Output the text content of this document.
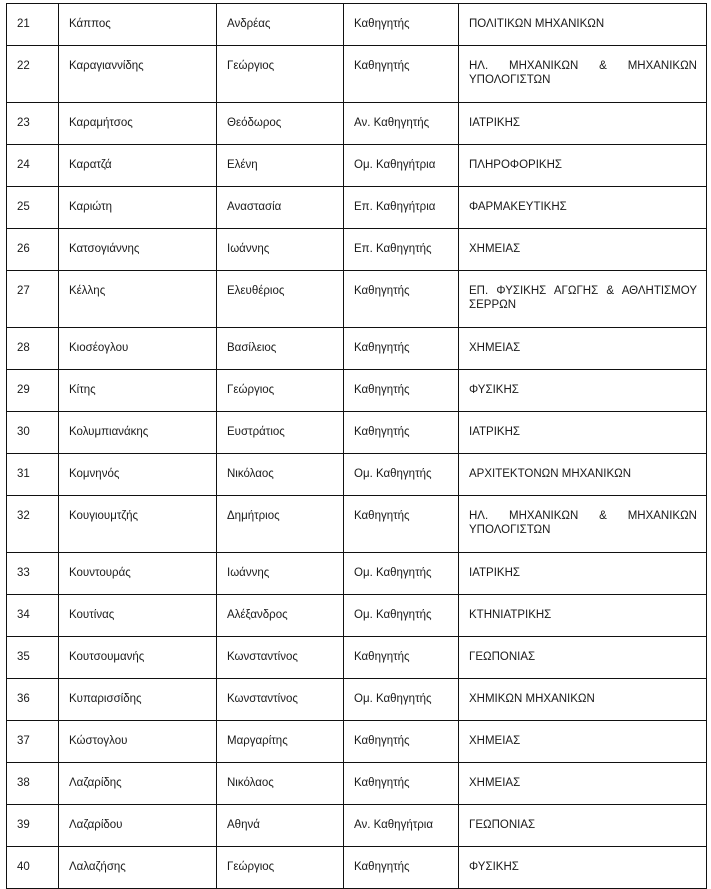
21	Κάππος	Ανδρέας	Καθηγητής	ΠΟΛΙΤΙΚΩΝ ΜΗΧΑΝΙΚΩΝ
22	Καραγιαννίδης	Γεώργιος	Καθηγητής	ΗΛ. ΜΗΧΑΝΙΚΩΝ & ΜΗΧΑΝΙΚΩΝ ΥΠΟΛΟΓΙΣΤΩΝ
23	Καραμήτσος	Θεόδωρος	Αν. Καθηγητής	ΙΑΤΡΙΚΗΣ
24	Καρατζά	Ελένη	Ομ. Καθηγήτρια	ΠΛΗΡΟΦΟΡΙΚΗΣ
25	Καριώτη	Αναστασία	Επ. Καθηγήτρια	ΦΑΡΜΑΚΕΥΤΙΚΗΣ
26	Κατσογιάννης	Ιωάννης	Επ. Καθηγητής	ΧΗΜΕΙΑΣ
27	Κέλλης	Ελευθέριος	Καθηγητής	ΕΠ. ΦΥΣΙΚΗΣ ΑΓΩΓΗΣ & ΑΘΛΗΤΙΣΜΟΥ ΣΕΡΡΩΝ
28	Κιοσέογλου	Βασίλειος	Καθηγητής	ΧΗΜΕΙΑΣ
29	Κίτης	Γεώργιος	Καθηγητής	ΦΥΣΙΚΗΣ
30	Κολυμπιανάκης	Ευστράτιος	Καθηγητής	ΙΑΤΡΙΚΗΣ
31	Κομνηνός	Νικόλαος	Ομ. Καθηγητής	ΑΡΧΙΤΕΚΤΟΝΩΝ ΜΗΧΑΝΙΚΩΝ
32	Κουγιουμτζής	Δημήτριος	Καθηγητής	ΗΛ. ΜΗΧΑΝΙΚΩΝ & ΜΗΧΑΝΙΚΩΝ ΥΠΟΛΟΓΙΣΤΩΝ
33	Κουντουράς	Ιωάννης	Ομ. Καθηγητής	ΙΑΤΡΙΚΗΣ
34	Κουτίνας	Αλέξανδρος	Ομ. Καθηγητής	ΚΤΗΝΙΑΤΡΙΚΗΣ
35	Κουτσουμανής	Κωνσταντίνος	Καθηγητής	ΓΕΩΠΟΝΙΑΣ
36	Κυπαρισσίδης	Κωνσταντίνος	Ομ. Καθηγητής	ΧΗΜΙΚΩΝ ΜΗΧΑΝΙΚΩΝ
37	Κώστογλου	Μαργαρίτης	Καθηγητής	ΧΗΜΕΙΑΣ
38	Λαζαρίδης	Νικόλαος	Καθηγητής	ΧΗΜΕΙΑΣ
39	Λαζαρίδου	Αθηνά	Αν. Καθηγήτρια	ΓΕΩΠΟΝΙΑΣ
40	Λαλαζήσης	Γεώργιος	Καθηγητής	ΦΥΣΙΚΗΣ
